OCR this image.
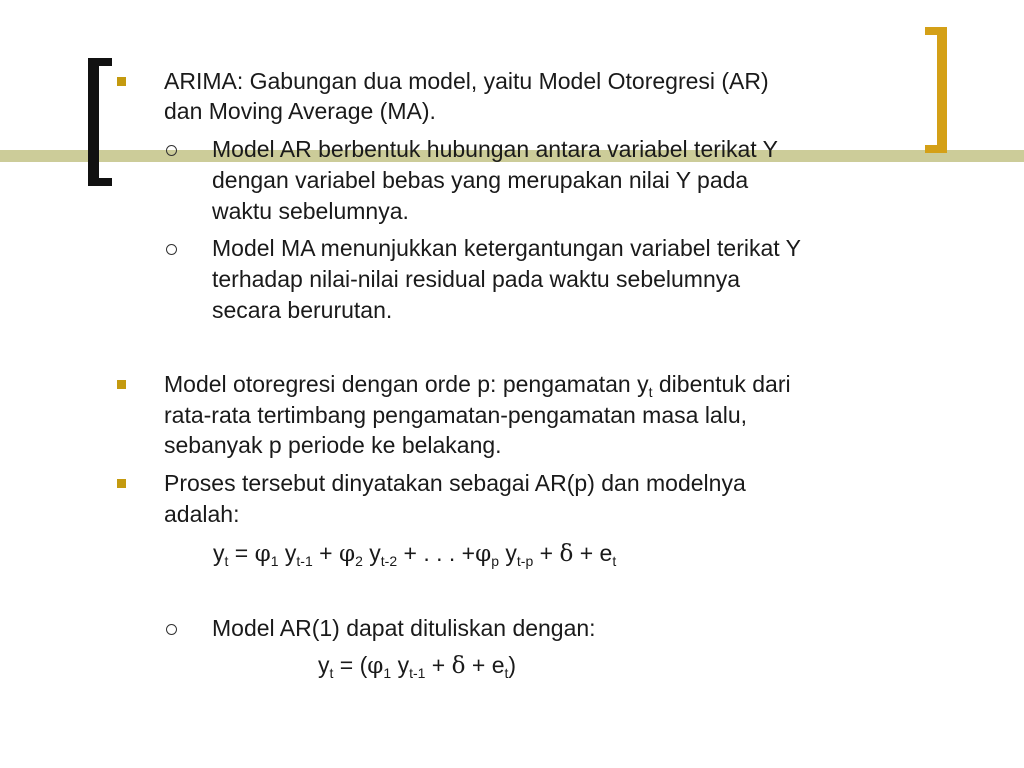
ARIMA: Gabungan dua model, yaitu Model Otoregresi (AR)
dan Moving Average (MA).
Model AR berbentuk hubungan antara variabel terikat Y
dengan variabel bebas yang merupakan nilai Y pada
waktu sebelumnya.
Model MA menunjukkan ketergantungan variabel terikat Y
terhadap nilai-nilai residual pada waktu sebelumnya
secara berurutan.
Model otoregresi dengan orde p: pengamatan $y_t$ dibentuk dari
rata-rata tertimbang pengamatan-pengamatan masa lalu,
sebanyak p periode ke belakang.
Proses tersebut dinyatakan sebagai AR(p) dan modelnya
adalah:
$y_t = \varphi_1$ $y_{t-1} + \varphi_2$ $y_{t-2}$ + . . . $+\varphi_p$ $y_{t-p} + \delta + e_t$
Model AR(1) dapat dituliskan dengan:
$y_t = (\varphi_1$ $y_{t-1} + \delta + e_t$)
